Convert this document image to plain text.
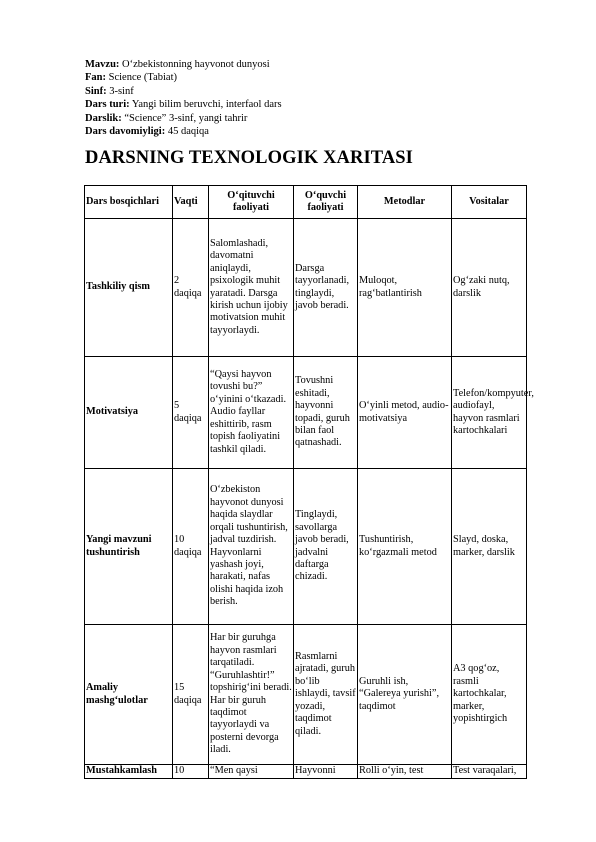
Mavzu: O‘zbekistonning hayvonot dunyosi
Fan: Science (Tabiat)
Sinf: 3-sinf
Dars turi: Yangi bilim beruvchi, interfaol dars
Darslik: “Science” 3-sinf, yangi tahrir
Dars davomiyligi: 45 daqiqa
DARSNING TEXNOLOGIK XARITASI
Dars bosqichlari	Vaqti	O‘qituvchi faoliyati	O‘quvchi faoliyati	Metodlar	Vositalar
Tashkiliy qism	2 daqiqa	Salomlashadi, davomatni aniqlaydi, psixologik muhit yaratadi. Darsga kirish uchun ijobiy motivatsion muhit tayyorlaydi.	Darsga tayyorlanadi, tinglaydi, javob beradi.	Muloqot, rag‘batlantirish	Og‘zaki nutq, darslik
Motivatsiya	5 daqiqa	“Qaysi hayvon tovushi bu?” o‘yinini o‘tkazadi. Audio fayllar eshittirib, rasm topish faoliyatini tashkil qiladi.	Tovushni eshitadi, hayvonni topadi, guruh bilan faol qatnashadi.	O‘yinli metod, audio-motivatsiya	Telefon/kompyuter, audiofayl, hayvon rasmlari kartochkalari
Yangi mavzuni tushuntirish	10 daqiqa	O‘zbekiston hayvonot dunyosi haqida slaydlar orqali tushuntirish, jadval tuzdirish. Hayvonlarni yashash joyi, harakati, nafas olishi haqida izoh berish.	Tinglaydi, savollarga javob beradi, jadvalni daftarga chizadi.	Tushuntirish, ko‘rgazmali metod	Slayd, doska, marker, darslik
Amaliy mashg‘ulotlar	15 daqiqa	Har bir guruhga hayvon rasmlari tarqatiladi. “Guruhlashtir!” topshirig‘ini beradi. Har bir guruh taqdimot tayyorlaydi va posterni devorga iladi.	Rasmlarni ajratadi, guruh bo‘lib ishlaydi, tavsif yozadi, taqdimot qiladi.	Guruhli ish, “Galereya yurishi”, taqdimot	A3 qog‘oz, rasmli kartochkalar, marker, yopishtirgich
Mustahkamlash	10	“Men qaysi	Hayvonni	Rolli o‘yin, test	Test varaqalari,
